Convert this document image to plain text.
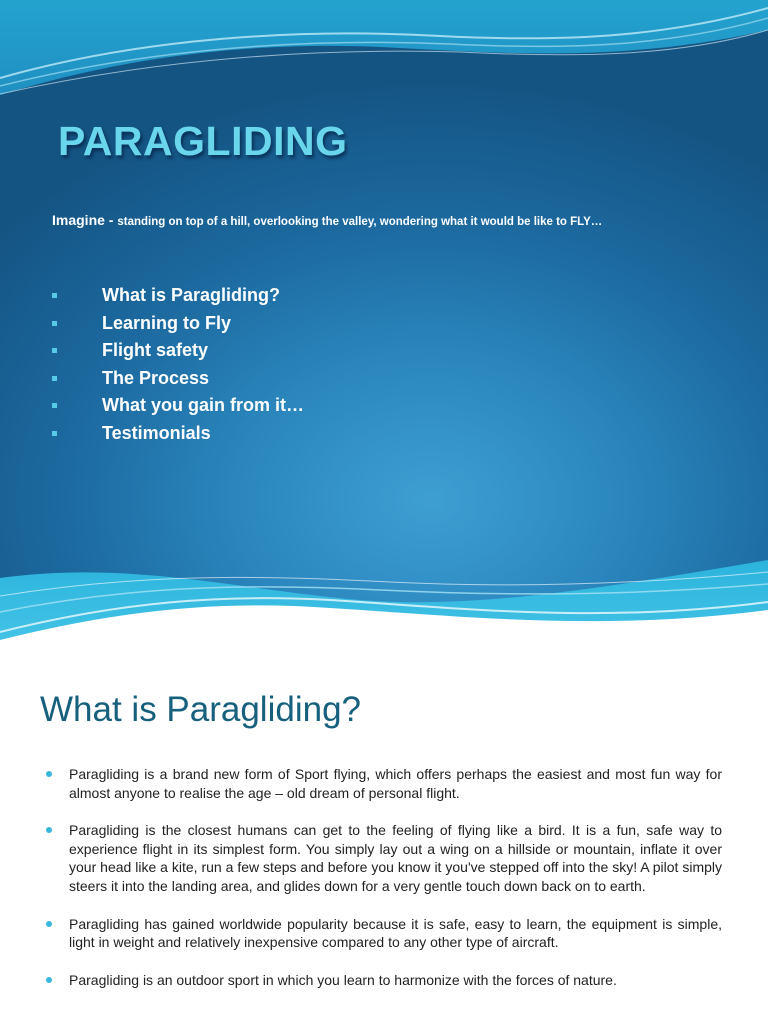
PARAGLIDING
Imagine - standing on top of a hill, overlooking the valley, wondering what it would be like to FLY…
What is Paragliding?
Learning to Fly
Flight safety
The Process
What you gain from it…
Testimonials
What is Paragliding?
Paragliding is a brand new form of Sport flying, which offers perhaps the easiest and most fun way for almost anyone to realise the age – old dream of personal flight.
Paragliding is the closest humans can get to the feeling of flying like a bird. It is a fun, safe way to experience flight in its simplest form. You simply lay out a wing on a hillside or mountain, inflate it over your head like a kite, run a few steps and before you know it you've stepped off into the sky! A pilot simply steers it into the landing area, and glides down for a very gentle touch down back on to earth.
Paragliding has gained worldwide popularity because it is safe, easy to learn, the equipment is simple, light in weight and relatively inexpensive compared to any other type of aircraft.
Paragliding is an outdoor sport in which you learn to harmonize with the forces of nature.
